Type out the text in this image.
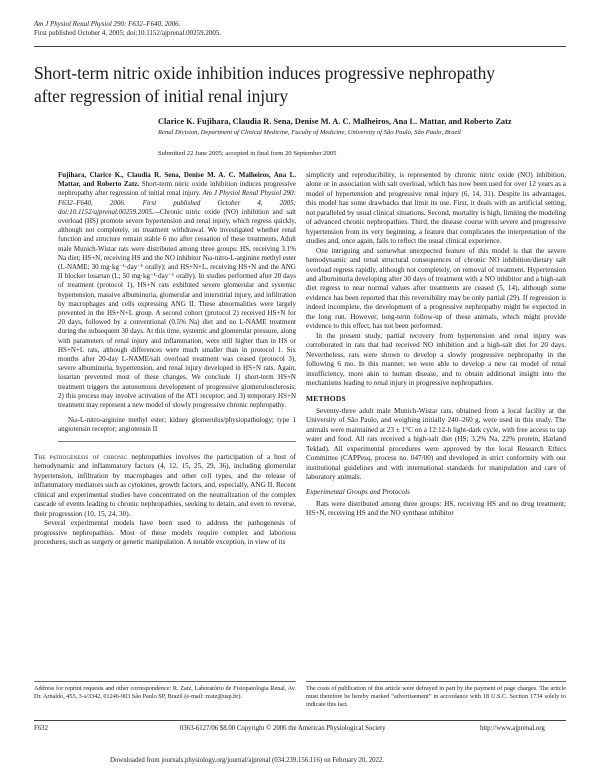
Am J Physiol Renal Physiol 290: F632–F640, 2006.
First published October 4, 2005; doi:10.1152/ajprenal.00259.2005.
Short-term nitric oxide inhibition induces progressive nephropathy
after regression of initial renal injury
Clarice K. Fujihara, Claudia R. Sena, Denise M. A. C. Malheiros, Ana L. Mattar, and Roberto Zatz
Renal Division, Department of Clinical Medicine, Faculty of Medicine, University of São Paulo, São Paulo, Brazil
Submitted 22 June 2005; accepted in final form 20 September 2005

Fujihara, Clarice K., Claudia R. Sena, Denise M. A. C. Malheiros, Ana L. Mattar, and Roberto Zatz. Short-term nitric oxide inhibition induces progressive nephropathy after regression of initial renal injury. Am J Physiol Renal Physiol 290: F632–F640, 2006. First published October 4, 2005; doi:10.1152/ajprenal.00259.2005.—Chronic nitric oxide (NO) inhibition and salt overload (HS) promote severe hypertension and renal injury, which regress quickly, although not completely, on treatment withdrawal. We investigated whether renal function and structure remain stable 6 mo after cessation of these treatments. Adult male Munich-Wistar rats were distributed among three groups: HS, receiving 3.1% Na diet; HS+N, receiving HS and the NO inhibitor Nω-nitro-L-arginine methyl ester (L-NAME; 30 mg·kg⁻¹·day⁻¹ orally); and HS+N+L, receiving HS+N and the ANG II blocker losartan (L; 50 mg·kg⁻¹·day⁻¹ orally). In studies performed after 20 days of treatment (protocol 1), HS+N rats exhibited severe glomerular and systemic hypertension, massive albuminuria, glomerular and interstitial injury, and infiltration by macrophages and cells expressing ANG II. These abnormalities were largely prevented in the HS+N+L group. A second cohort (protocol 2) received HS+N for 20 days, followed by a conventional (0.5% Na) diet and no L-NAME treatment during the subsequent 30 days. At this time, systemic and glomerular pressure, along with parameters of renal injury and inflammation, were still higher than in HS or HS+N+L rats, although differences were much smaller than in protocol 1. Six months after 20-day L-NAME/salt overload treatment was ceased (protocol 3), severe albuminuria, hypertension, and renal injury developed in HS+N rats. Again, losartan prevented most of these changes. We conclude 1) short-term HS+N treatment triggers the autonomous development of progressive glomerulosclerosis; 2) this process may involve activation of the AT1 receptor; and 3) temporary HS+N treatment may represent a new model of slowly progressive chronic nephropathy.

Nω-L-nitro-arginine methyl ester; kidney glomerulus/physiopathology; type 1 angiotensin receptor; angiotensin II

The pathogenesis of chronic nephropathies involves the participation of a host of hemodynamic and inflammatory factors (4, 12, 15, 25, 29, 36), including glomerular hypertension, infiltration by macrophages and other cell types, and the release of inflammatory mediators such as cytokines, growth factors, and, especially, ANG II. Recent clinical and experimental studies have concentrated on the neutralization of the complex cascade of events leading to chronic nephropathies, seeking to detain, and even to reverse, their progression (10, 15, 24, 30).

Several experimental models have been used to address the pathogenesis of progressive nephropathies. Most of these models require complex and laborious procedures, such as surgery or genetic manipulation. A notable exception, in view of its

simplicity and reproducibility, is represented by chronic nitric oxide (NO) inhibition, alone or in association with salt overload, which has now been used for over 12 years as a model of hypertension and progressive renal injury (6, 14, 31). Despite its advantages, this model has some drawbacks that limit its use. First, it deals with an artificial setting, not paralleled by usual clinical situations. Second, mortality is high, limiting the modeling of advanced chronic nephropathies. Third, the disease course with severe and progressive hypertension from its very beginning, a feature that complicates the interpretation of the studies and, once again, fails to reflect the usual clinical experience.

One intriguing and somewhat unexpected feature of this model is that the severe hemodynamic and renal structural consequences of chronic NO inhibition/dietary salt overload regress rapidly, although not completely, on removal of treatment. Hypertension and albuminuria developing after 30 days of treatment with a NO inhibitor and a high-salt diet regress to near normal values after treatments are ceased (5, 14), although some evidence has been reported that this reversibility may be only partial (29). If regression is indeed incomplete, the development of a progressive nephropathy might be expected in the long run. However, long-term follow-up of these animals, which might provide evidence to this effect, has not been performed.

In the present study, partial recovery from hypertension and renal injury was corroborated in rats that had received NO inhibition and a high-salt diet for 20 days. Nevertheless, rats were shown to develop a slowly progressive nephropathy in the following 6 mo. In this manner, we were able to develop a new rat model of renal insufficiency, more akin to human disease, and to obtain additional insight into the mechanisms leading to renal injury in progressive nephropathies.

METHODS

Seventy-three adult male Munich-Wistar rats, obtained from a local facility at the University of São Paulo, and weighing initially 240–260 g, were used in this study. The animals were maintained at 23 ± 1°C on a 12:12-h light-dark cycle, with free access to tap water and food. All rats received a high-salt diet (HS; 3.2% Na, 22% protein, Harland Teklad). All experimental procedures were approved by the local Research Ethics Committee (CAPPesq, process no. 047/00) and developed in strict conformity with our institutional guidelines and with international standards for manipulation and care of laboratory animals.

Experimental Groups and Protocols

Rats were distributed among three groups: HS, receiving HS and no drug treatment; HS+N, receiving HS and the NO synthase inhibitor

Address for reprint requests and other correspondence: R. Zatz, Laboratório de Fisiopatologia Renal, Av. Dr. Arnaldo, 455, 3-s/3342, 01246-903 São Paulo SP, Brazil (e-mail: rzatz@usp.br).
The costs of publication of this article were defrayed in part by the payment of page charges. The article must therefore be hereby marked “advertisement” in accordance with 18 U.S.C. Section 1734 solely to indicate this fact.
F632	0363-6127/06 $8.00 Copyright © 2006 the American Physiological Society	http://www.ajprenal.org
Downloaded from journals.physiology.org/journal/ajprenal (034.239.156.116) on February 20, 2022.
